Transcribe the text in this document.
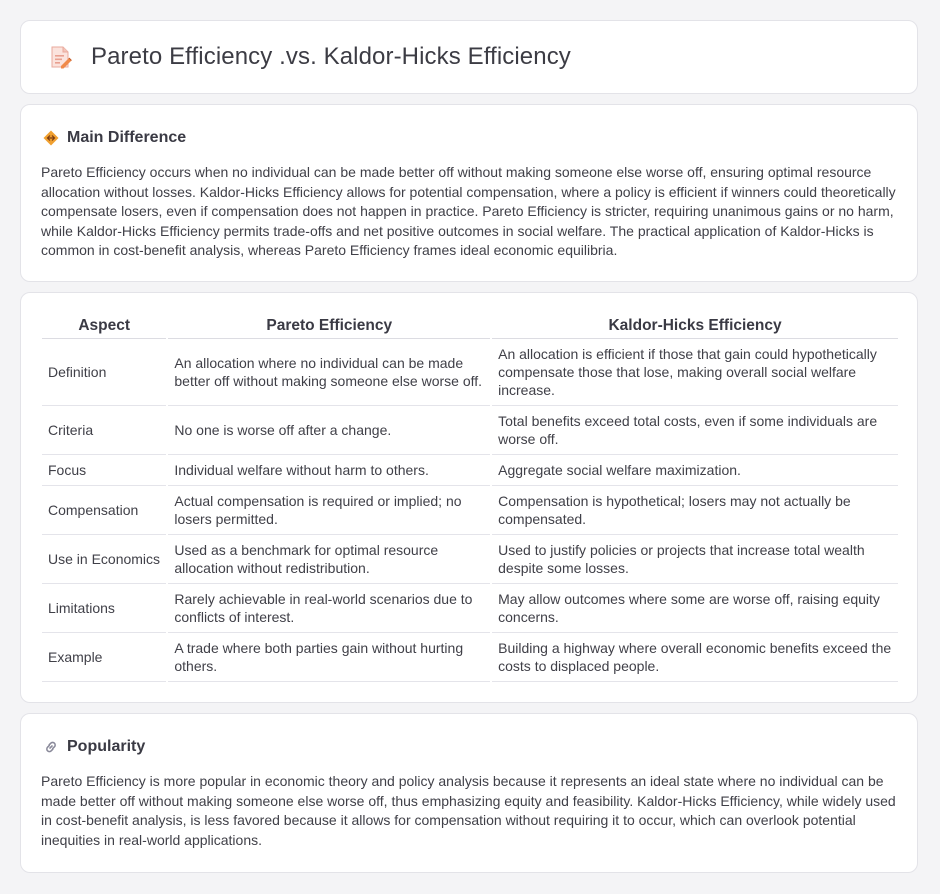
Pareto Efficiency .vs. Kaldor-Hicks Efficiency
Main Difference
Pareto Efficiency occurs when no individual can be made better off without making someone else worse off, ensuring optimal resource allocation without losses. Kaldor-Hicks Efficiency allows for potential compensation, where a policy is efficient if winners could theoretically compensate losers, even if compensation does not happen in practice. Pareto Efficiency is stricter, requiring unanimous gains or no harm, while Kaldor-Hicks Efficiency permits trade-offs and net positive outcomes in social welfare. The practical application of Kaldor-Hicks is common in cost-benefit analysis, whereas Pareto Efficiency frames ideal economic equilibria.
Aspect	Pareto Efficiency	Kaldor-Hicks Efficiency
Definition	An allocation where no individual can be made better off without making someone else worse off.	An allocation is efficient if those that gain could hypothetically compensate those that lose, making overall social welfare increase.
Criteria	No one is worse off after a change.	Total benefits exceed total costs, even if some individuals are worse off.
Focus	Individual welfare without harm to others.	Aggregate social welfare maximization.
Compensation	Actual compensation is required or implied; no losers permitted.	Compensation is hypothetical; losers may not actually be compensated.
Use in Economics	Used as a benchmark for optimal resource allocation without redistribution.	Used to justify policies or projects that increase total wealth despite some losses.
Limitations	Rarely achievable in real-world scenarios due to conflicts of interest.	May allow outcomes where some are worse off, raising equity concerns.
Example	A trade where both parties gain without hurting others.	Building a highway where overall economic benefits exceed the costs to displaced people.
Popularity
Pareto Efficiency is more popular in economic theory and policy analysis because it represents an ideal state where no individual can be made better off without making someone else worse off, thus emphasizing equity and feasibility. Kaldor-Hicks Efficiency, while widely used in cost-benefit analysis, is less favored because it allows for compensation without requiring it to occur, which can overlook potential inequities in real-world applications.
